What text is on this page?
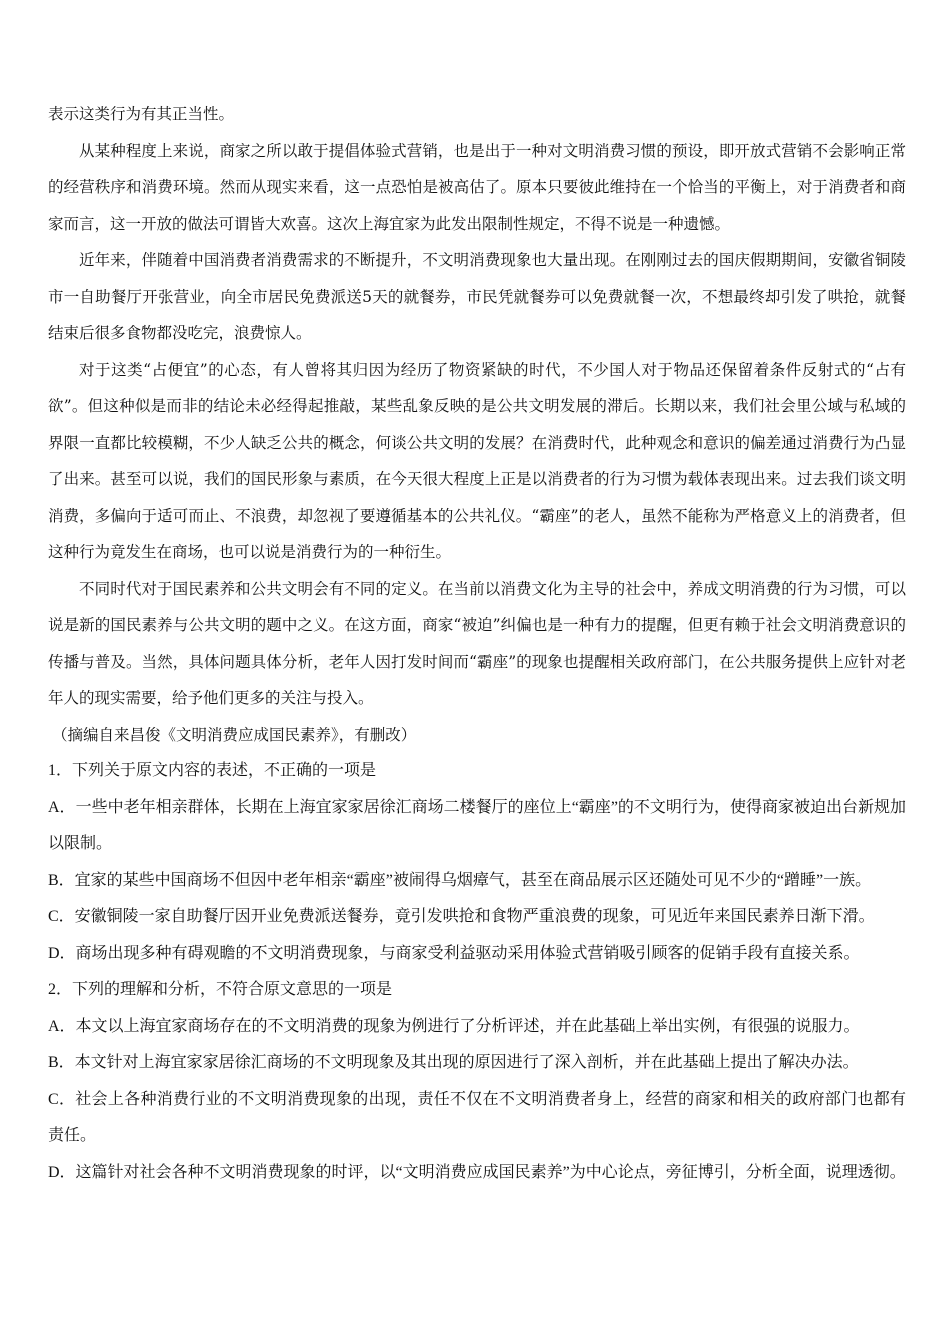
表示这类行为有其正当性。

从某种程度上来说，商家之所以敢于提倡体验式营销，也是出于一种对文明消费习惯的预设，即开放式营销不会影响正常的经营秩序和消费环境。然而从现实来看，这一点恐怕是被高估了。原本只要彼此维持在一个恰当的平衡上，对于消费者和商家而言，这一开放的做法可谓皆大欢喜。这次上海宜家为此发出限制性规定，不得不说是一种遗憾。

近年来，伴随着中国消费者消费需求的不断提升，不文明消费现象也大量出现。在刚刚过去的国庆假期期间，安徽省铜陵市一自助餐厅开张营业，向全市居民免费派送5天的就餐券，市民凭就餐券可以免费就餐一次，不想最终却引发了哄抢，就餐结束后很多食物都没吃完，浪费惊人。

对于这类“占便宜”的心态，有人曾将其归因为经历了物资紧缺的时代，不少国人对于物品还保留着条件反射式的“占有欲”。但这种似是而非的结论未必经得起推敲，某些乱象反映的是公共文明发展的滞后。长期以来，我们社会里公域与私域的界限一直都比较模糊，不少人缺乏公共的概念，何谈公共文明的发展？在消费时代，此种观念和意识的偏差通过消费行为凸显了出来。甚至可以说，我们的国民形象与素质，在今天很大程度上正是以消费者的行为习惯为载体表现出来。过去我们谈文明消费，多偏向于适可而止、不浪费，却忽视了要遵循基本的公共礼仪。“霸座”的老人，虽然不能称为严格意义上的消费者，但这种行为竟发生在商场，也可以说是消费行为的一种衍生。

不同时代对于国民素养和公共文明会有不同的定义。在当前以消费文化为主导的社会中，养成文明消费的行为习惯，可以说是新的国民素养与公共文明的题中之义。在这方面，商家“被迫”纠偏也是一种有力的提醒，但更有赖于社会文明消费意识的传播与普及。当然，具体问题具体分析，老年人因打发时间而“霸座”的现象也提醒相关政府部门，在公共服务提供上应针对老年人的现实需要，给予他们更多的关注与投入。

（摘编自来昌俊《文明消费应成国民素养》，有删改）

1．下列关于原文内容的表述，不正确的一项是

A．一些中老年相亲群体，长期在上海宜家家居徐汇商场二楼餐厅的座位上“霸座”的不文明行为，使得商家被迫出台新规加以限制。

B．宜家的某些中国商场不但因中老年相亲“霸座”被闹得乌烟瘴气，甚至在商品展示区还随处可见不少的“蹭睡”一族。

C．安徽铜陵一家自助餐厅因开业免费派送餐券，竟引发哄抢和食物严重浪费的现象，可见近年来国民素养日渐下滑。

D．商场出现多种有碍观瞻的不文明消费现象，与商家受利益驱动采用体验式营销吸引顾客的促销手段有直接关系。

2．下列的理解和分析，不符合原文意思的一项是

A．本文以上海宜家商场存在的不文明消费的现象为例进行了分析评述，并在此基础上举出实例，有很强的说服力。

B．本文针对上海宜家家居徐汇商场的不文明现象及其出现的原因进行了深入剖析，并在此基础上提出了解决办法。

C．社会上各种消费行业的不文明消费现象的出现，责任不仅在不文明消费者身上，经营的商家和相关的政府部门也都有责任。

D．这篇针对社会各种不文明消费现象的时评，以“文明消费应成国民素养”为中心论点，旁征博引，分析全面，说理透彻。
